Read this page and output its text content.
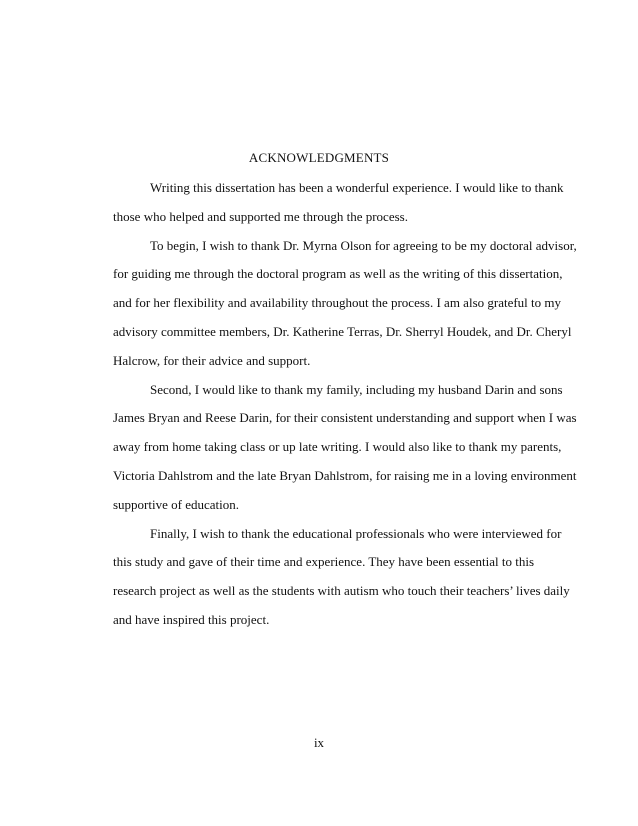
ACKNOWLEDGMENTS
Writing this dissertation has been a wonderful experience. I would like to thank
those who helped and supported me through the process.
To begin, I wish to thank Dr. Myrna Olson for agreeing to be my doctoral advisor,
for guiding me through the doctoral program as well as the writing of this dissertation,
and for her flexibility and availability throughout the process. I am also grateful to my
advisory committee members, Dr. Katherine Terras, Dr. Sherryl Houdek, and Dr. Cheryl
Halcrow, for their advice and support.
Second, I would like to thank my family, including my husband Darin and sons
James Bryan and Reese Darin, for their consistent understanding and support when I was
away from home taking class or up late writing. I would also like to thank my parents,
Victoria Dahlstrom and the late Bryan Dahlstrom, for raising me in a loving environment
supportive of education.
Finally, I wish to thank the educational professionals who were interviewed for
this study and gave of their time and experience. They have been essential to this
research project as well as the students with autism who touch their teachers’ lives daily
and have inspired this project.
ix
